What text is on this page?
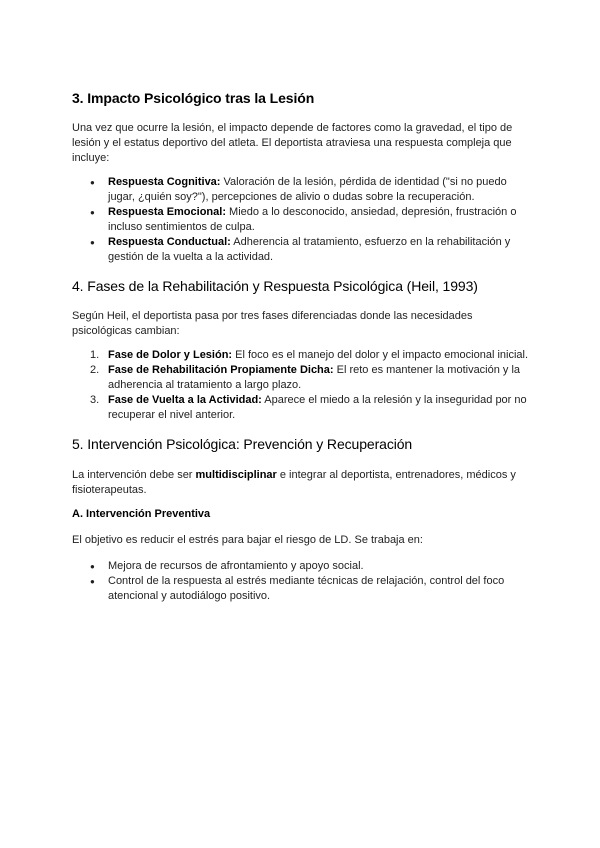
3. Impacto Psicológico tras la Lesión

Una vez que ocurre la lesión, el impacto depende de factores como la gravedad, el tipo de lesión y el estatus deportivo del atleta. El deportista atraviesa una respuesta compleja que incluye:

● Respuesta Cognitiva: Valoración de la lesión, pérdida de identidad ("si no puedo jugar, ¿quién soy?"), percepciones de alivio o dudas sobre la recuperación.
● Respuesta Emocional: Miedo a lo desconocido, ansiedad, depresión, frustración o incluso sentimientos de culpa.
● Respuesta Conductual: Adherencia al tratamiento, esfuerzo en la rehabilitación y gestión de la vuelta a la actividad.
4. Fases de la Rehabilitación y Respuesta Psicológica (Heil, 1993)

Según Heil, el deportista pasa por tres fases diferenciadas donde las necesidades psicológicas cambian:

1. Fase de Dolor y Lesión: El foco es el manejo del dolor y el impacto emocional inicial.
2. Fase de Rehabilitación Propiamente Dicha: El reto es mantener la motivación y la adherencia al tratamiento a largo plazo.
3. Fase de Vuelta a la Actividad: Aparece el miedo a la relesión y la inseguridad por no recuperar el nivel anterior.
5. Intervención Psicológica: Prevención y Recuperación

La intervención debe ser multidisciplinar e integrar al deportista, entrenadores, médicos y fisioterapeutas.

A. Intervención Preventiva

El objetivo es reducir el estrés para bajar el riesgo de LD. Se trabaja en:

● Mejora de recursos de afrontamiento y apoyo social.
● Control de la respuesta al estrés mediante técnicas de relajación, control del foco atencional y autodiálogo positivo.
